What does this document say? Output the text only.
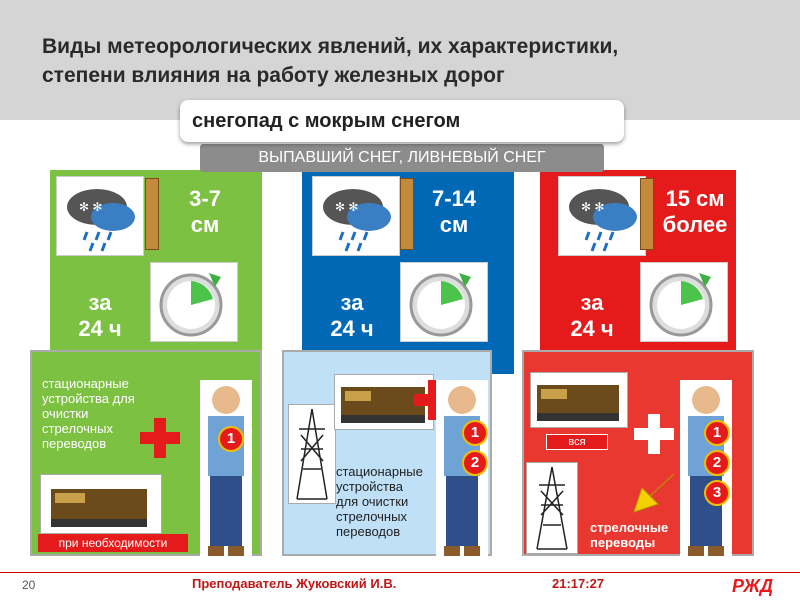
Виды метеорологических явлений, их характеристики,
степени влияния на работу железных дорог
✻ ✻	3-7
см
за
24 ч
✻ ✻	7-14
см
за
24 ч
✻ ✻	15 см
более
за
24 ч
ВЫПАВШИЙ СНЕГ, ЛИВНЕВЫЙ СНЕГ
снегопад с мокрым снегом
стационарные
устройства для
очистки
стрелочных
переводов	1
при необходимости
стационарные
устройства
для очистки
стрелочных
переводов
1
2
вся
стрелочные
переводы
1
2
3
20	Преподаватель Жуковский И.В.	21:17:27	РЖД
